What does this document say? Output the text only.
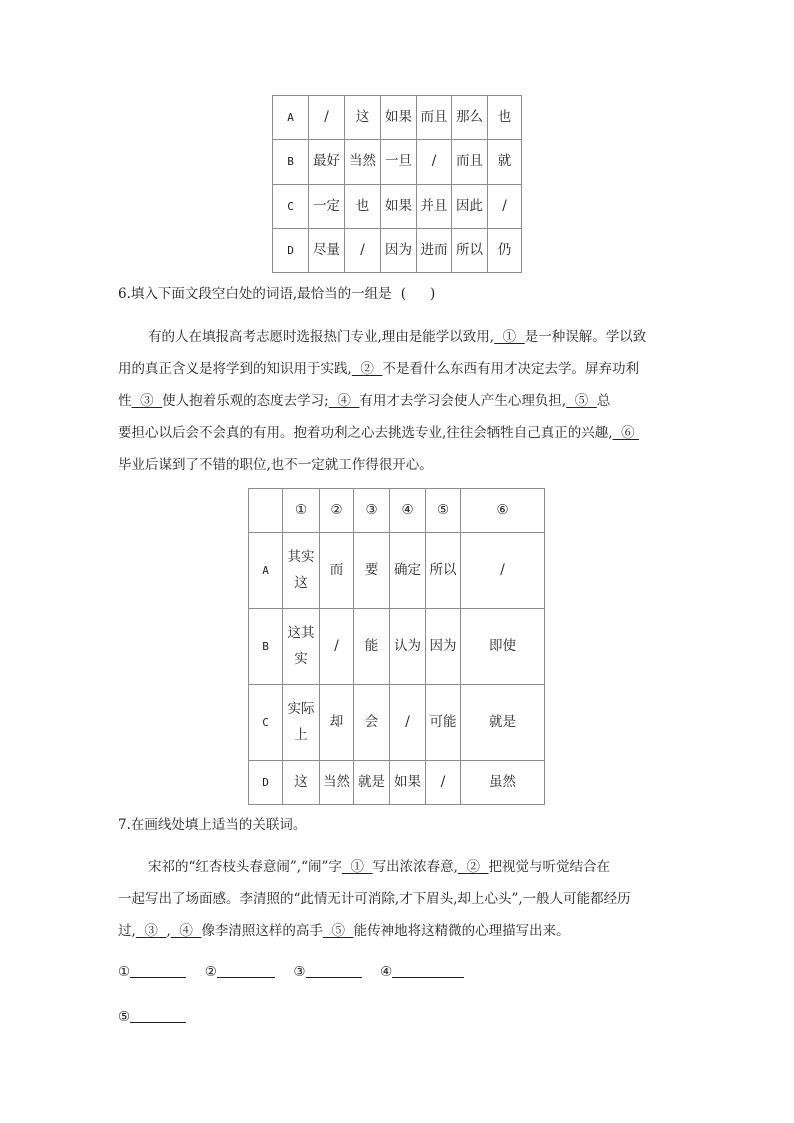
A	/	这	如果	而且	那么	也
B	最好	当然	一旦	/	而且	就
C	一定	也	如果	并且	因此	/
D	尽量	/	因为	进而	所以	仍
6.填入下面文段空白处的词语,最恰当的一组是 ( )
有的人在填报高考志愿时选报热门专业,理由是能学以致用,  ①  是一种误解。学以致
用的真正含义是将学到的知识用于实践,  ②  不是看什么东西有用才决定去学。屏弃功利
性  ③  使人抱着乐观的态度去学习;  ④  有用才去学习会使人产生心理负担,  ⑤  总
要担心以后会不会真的有用。抱着功利之心去挑选专业,往往会牺牲自己真正的兴趣,  ⑥
毕业后谋到了不错的职位,也不一定就工作得很开心。
	①	②	③	④	⑤	⑥
A	其实这	而	要	确定	所以	/
B	这其实	/	能	认为	因为	即使
C	实际上	却	会	/	可能	就是
D	这	当然	就是	如果	/	虽然
7.在画线处填上适当的关联词。
宋祁的“红杏枝头春意闹”,“闹”字  ①  写出浓浓春意,  ②  把视觉与听觉结合在
一起写出了场面感。李清照的“此情无计可消除,才下眉头,却上心头”,一般人可能都经历
过,  ③  ,  ④  像李清照这样的高手  ⑤  能传神地将这精微的心理描写出来。
①	②	③	④
⑤
